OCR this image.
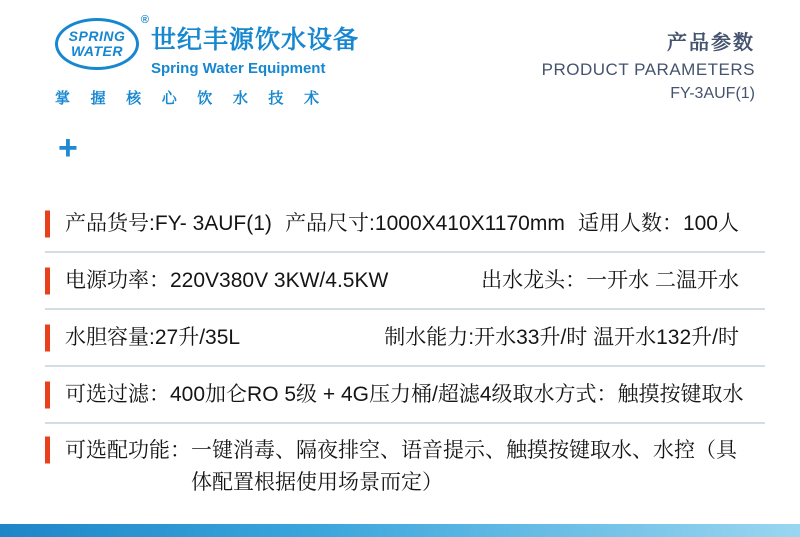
SPRING
WATER
®
世纪丰源饮水设备
Spring Water Equipment
掌 握 核 心 饮 水 技 术
产品参数
PRODUCT PARAMETERS
FY-3AUF(1)
+
产品货号:FY- 3AUF(1) 产品尺寸:1000X410X1170mm 适用人数：100人
电源功率：220V380V 3KW/4.5KW	出水龙头：一开水 二温开水
水胆容量:27升/35L	制水能力:开水33升/时 温开水132升/时
可选过滤：400加仑RO 5级 + 4G压力桶/超滤4级 取水方式：触摸按键取水
可选配功能： 一键消毒、隔夜排空、语音提示、触摸按键取水、水控（具体配置根据使用场景而定）
